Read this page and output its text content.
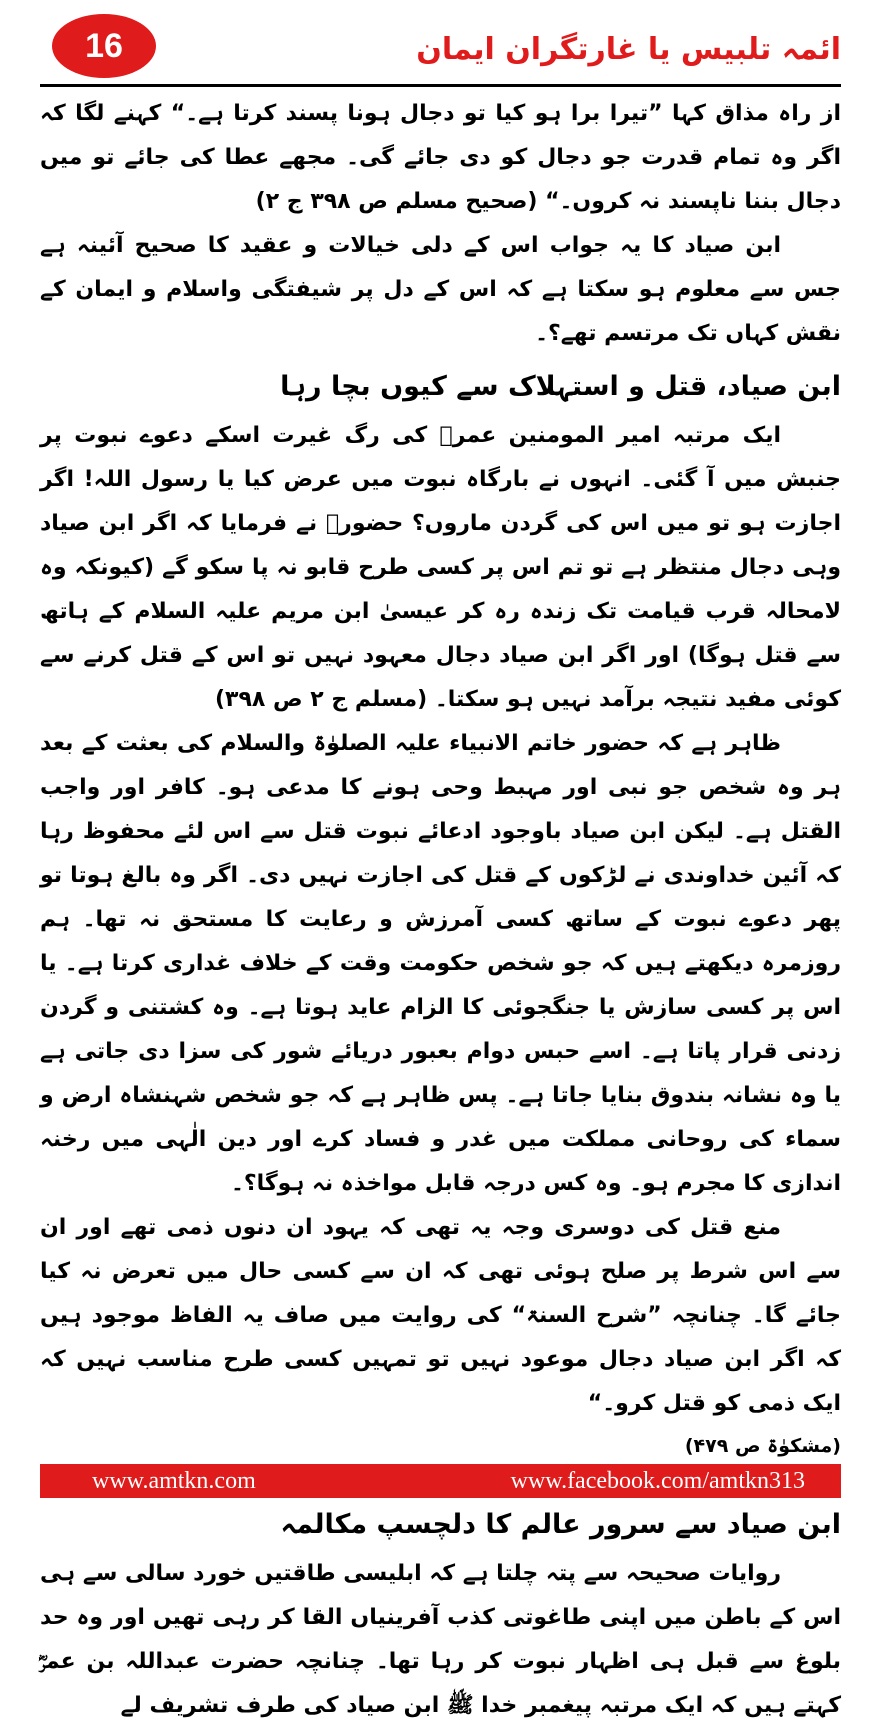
16	ائمہ تلبیس یا غارتگران ایمان

از راہ مذاق کہا ”تیرا برا ہو کیا تو دجال ہونا پسند کرتا ہے۔“ کہنے لگا کہ اگر وہ تمام قدرت جو دجال کو دی جائے گی۔ مجھے عطا کی جائے تو میں دجال بننا ناپسند نہ کروں۔“ (صحیح مسلم ص ۳۹۸ ج ۲)

ابن صیاد کا یہ جواب اس کے دلی خیالات و عقید کا صحیح آئینہ ہے جس سے معلوم ہو سکتا ہے کہ اس کے دل پر شیفتگی واسلام و ایمان کے نقش کہاں تک مرتسم تھے؟۔

ابن صیاد، قتل و استہلاک سے کیوں بچا رہا

ایک مرتبہ امیر المومنین عمرؓ کی رگ غیرت اسکے دعوے نبوت پر جنبش میں آ گئی۔ انہوں نے بارگاہ نبوت میں عرض کیا یا رسول اللہ! اگر اجازت ہو تو میں اس کی گردن ماروں؟ حضورؐ نے فرمایا کہ اگر ابن صیاد وہی دجال منتظر ہے تو تم اس پر کسی طرح قابو نہ پا سکو گے (کیونکہ وہ لامحالہ قرب قیامت تک زندہ رہ کر عیسیٰ ابن مریم علیہ السلام کے ہاتھ سے قتل ہوگا) اور اگر ابن صیاد دجال معہود نہیں تو اس کے قتل کرنے سے کوئی مفید نتیجہ برآمد نہیں ہو سکتا۔ (مسلم ج ۲ ص ۳۹۸)

ظاہر ہے کہ حضور خاتم الانبیاء علیہ الصلوٰۃ والسلام کی بعثت کے بعد ہر وہ شخص جو نبی اور مہبط وحی ہونے کا مدعی ہو۔ کافر اور واجب القتل ہے۔ لیکن ابن صیاد باوجود ادعائے نبوت قتل سے اس لئے محفوظ رہا کہ آئین خداوندی نے لڑکوں کے قتل کی اجازت نہیں دی۔ اگر وہ بالغ ہوتا تو پھر دعوے نبوت کے ساتھ کسی آمرزش و رعایت کا مستحق نہ تھا۔ ہم روزمرہ دیکھتے ہیں کہ جو شخص حکومت وقت کے خلاف غداری کرتا ہے۔ یا اس پر کسی سازش یا جنگجوئی کا الزام عاید ہوتا ہے۔ وہ کشتنی و گردن زدنی قرار پاتا ہے۔ اسے حبس دوام بعبور دریائے شور کی سزا دی جاتی ہے یا وہ نشانہ بندوق بنایا جاتا ہے۔ پس ظاہر ہے کہ جو شخص شہنشاہ ارض و سماء کی روحانی مملکت میں غدر و فساد کرے اور دین الٰہی میں رخنہ اندازی کا مجرم ہو۔ وہ کس درجہ قابل مواخذہ نہ ہوگا؟۔

منع قتل کی دوسری وجہ یہ تھی کہ یہود ان دنوں ذمی تھے اور ان سے اس شرط پر صلح ہوئی تھی کہ ان سے کسی حال میں تعرض نہ کیا جائے گا۔ چنانچہ ”شرح السنۃ“ کی روایت میں صاف یہ الفاظ موجود ہیں کہ اگر ابن صیاد دجال موعود نہیں تو تمہیں کسی طرح مناسب نہیں کہ ایک ذمی کو قتل کرو۔“

(مشکوٰۃ ص ۴۷۹)

ابن صیاد سے سرور عالم کا دلچسپ مکالمہ

روایات صحیحہ سے پتہ چلتا ہے کہ ابلیسی طاقتیں خورد سالی سے ہی اس کے باطن میں اپنی طاغوتی کذب آفرینیاں القا کر رہی تھیں اور وہ حد بلوغ سے قبل ہی اظہار نبوت کر رہا تھا۔ چنانچہ حضرت عبداللہ بن عمرؓ کہتے ہیں کہ ایک مرتبہ پیغمبر خدا ﷺ ابن صیاد کی طرف تشریف لے

www.amtkn.com	www.facebook.com/amtkn313
